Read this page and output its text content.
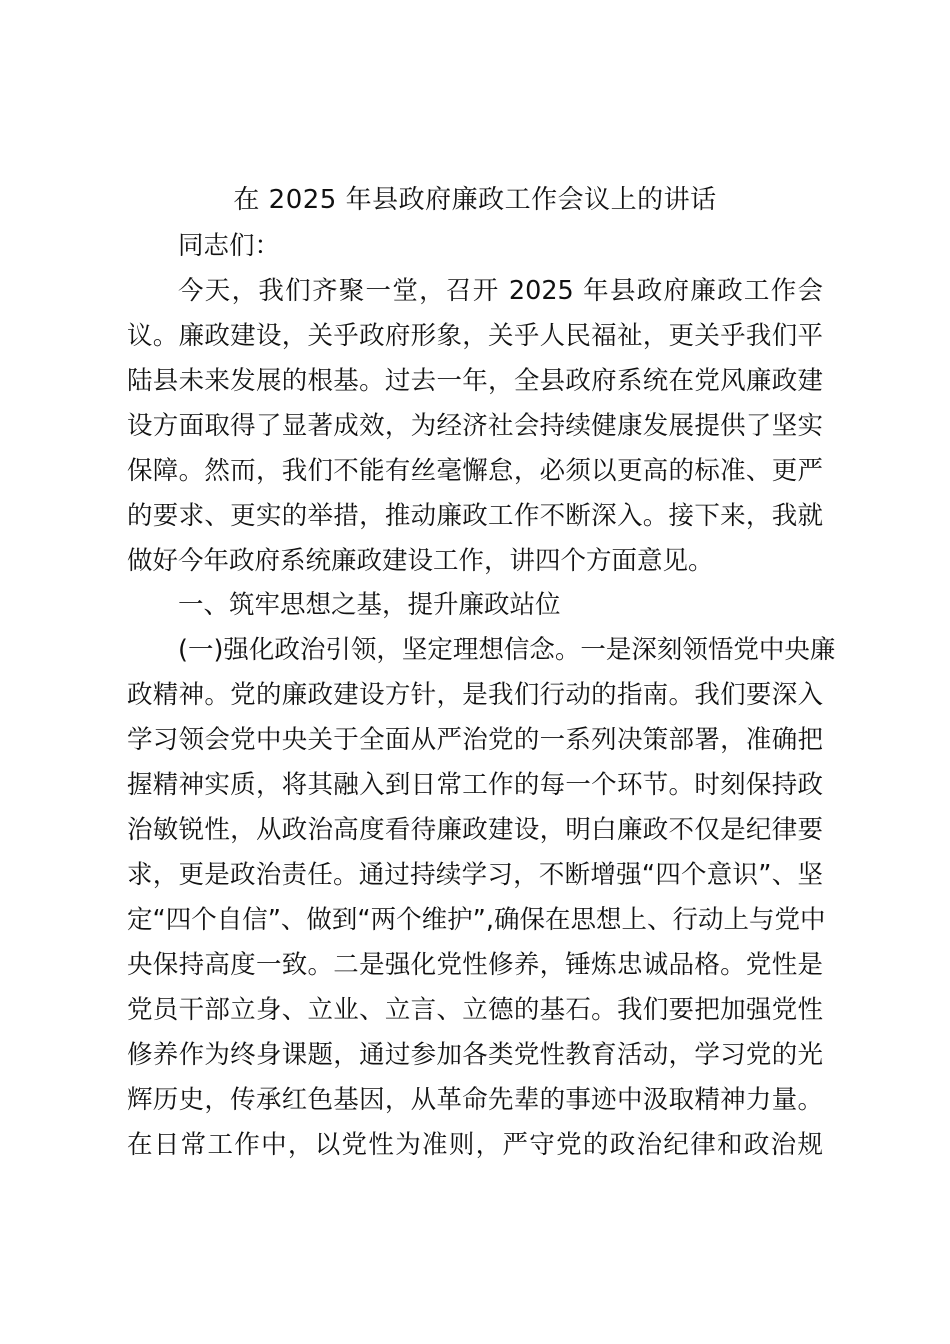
在 2025 年县政府廉政工作会议上的讲话
同志们：
今天，我们齐聚一堂，召开 2025 年县政府廉政工作会
议。廉政建设，关乎政府形象，关乎人民福祉，更关乎我们平
陆县未来发展的根基。过去一年，全县政府系统在党风廉政建
设方面取得了显著成效，为经济社会持续健康发展提供了坚实
保障。然而，我们不能有丝毫懈怠，必须以更高的标准、更严
的要求、更实的举措，推动廉政工作不断深入。接下来，我就
做好今年政府系统廉政建设工作，讲四个方面意见。
一、筑牢思想之基，提升廉政站位
(一)强化政治引领，坚定理想信念。一是深刻领悟党中央廉
政精神。党的廉政建设方针，是我们行动的指南。我们要深入
学习领会党中央关于全面从严治党的一系列决策部署，准确把
握精神实质，将其融入到日常工作的每一个环节。时刻保持政
治敏锐性，从政治高度看待廉政建设，明白廉政不仅是纪律要
求，更是政治责任。通过持续学习，不断增强“四个意识”、坚
定“四个自信”、做到“两个维护”,确保在思想上、行动上与党中
央保持高度一致。二是强化党性修养，锤炼忠诚品格。党性是
党员干部立身、立业、立言、立德的基石。我们要把加强党性
修养作为终身课题，通过参加各类党性教育活动，学习党的光
辉历史，传承红色基因，从革命先辈的事迹中汲取精神力量。
在日常工作中，以党性为准则，严守党的政治纪律和政治规
